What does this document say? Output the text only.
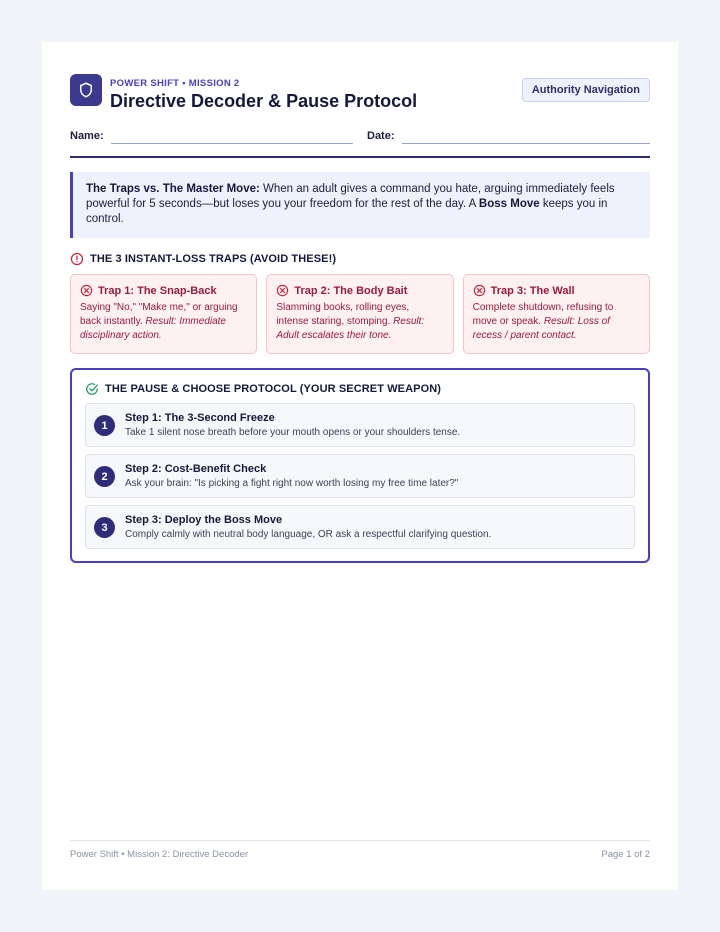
POWER SHIFT • MISSION 2
Directive Decoder & Pause Protocol
Authority Navigation
Name:	Date:
The Traps vs. The Master Move: When an adult gives a command you hate, arguing immediately feels powerful for 5 seconds—but loses you your freedom for the rest of the day. A Boss Move keeps you in control.
THE 3 INSTANT-LOSS TRAPS (AVOID THESE!)
Trap 1: The Snap-Back
Saying "No," "Make me," or arguing back instantly. Result: Immediate disciplinary action.
Trap 2: The Body Bait
Slamming books, rolling eyes, intense staring, stomping. Result: Adult escalates their tone.
Trap 3: The Wall
Complete shutdown, refusing to move or speak. Result: Loss of recess / parent contact.
THE PAUSE & CHOOSE PROTOCOL (YOUR SECRET WEAPON)
1
Step 1: The 3-Second Freeze
Take 1 silent nose breath before your mouth opens or your shoulders tense.
2
Step 2: Cost-Benefit Check
Ask your brain: "Is picking a fight right now worth losing my free time later?"
3
Step 3: Deploy the Boss Move
Comply calmly with neutral body language, OR ask a respectful clarifying question.
Power Shift • Mission 2: Directive Decoder	Page 1 of 2
